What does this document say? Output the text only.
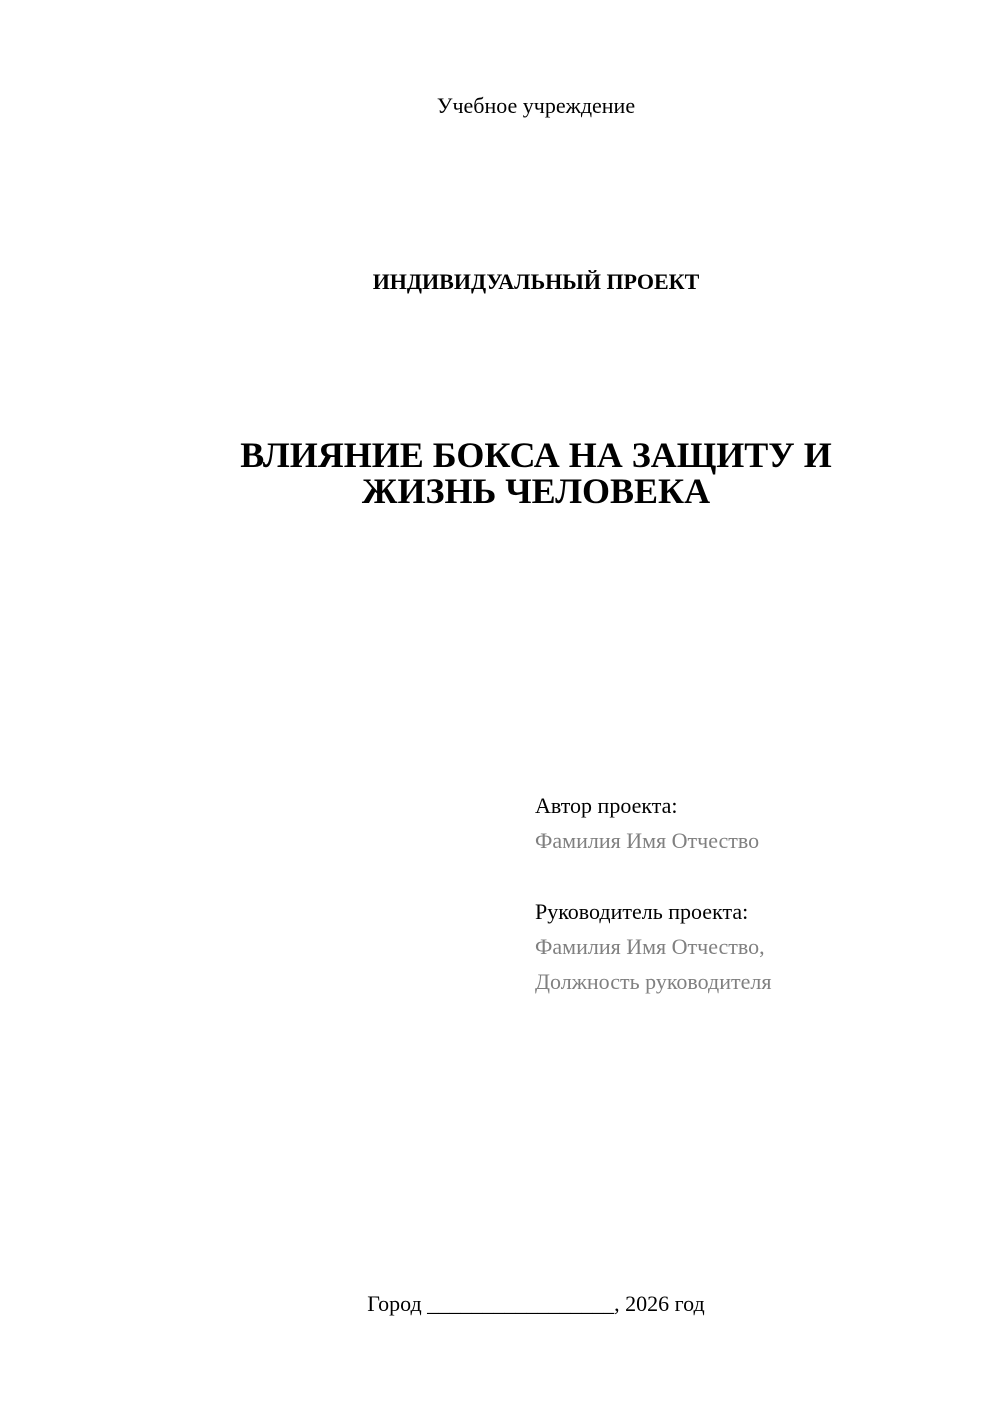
Учебное учреждение
ИНДИВИДУАЛЬНЫЙ ПРОЕКТ
ВЛИЯНИЕ БОКСА НА ЗАЩИТУ И
ЖИЗНЬ ЧЕЛОВЕКА
Автор проекта:
Фамилия Имя Отчество
Руководитель проекта:
Фамилия Имя Отчество,
Должность руководителя
Город _________________, 2026 год
